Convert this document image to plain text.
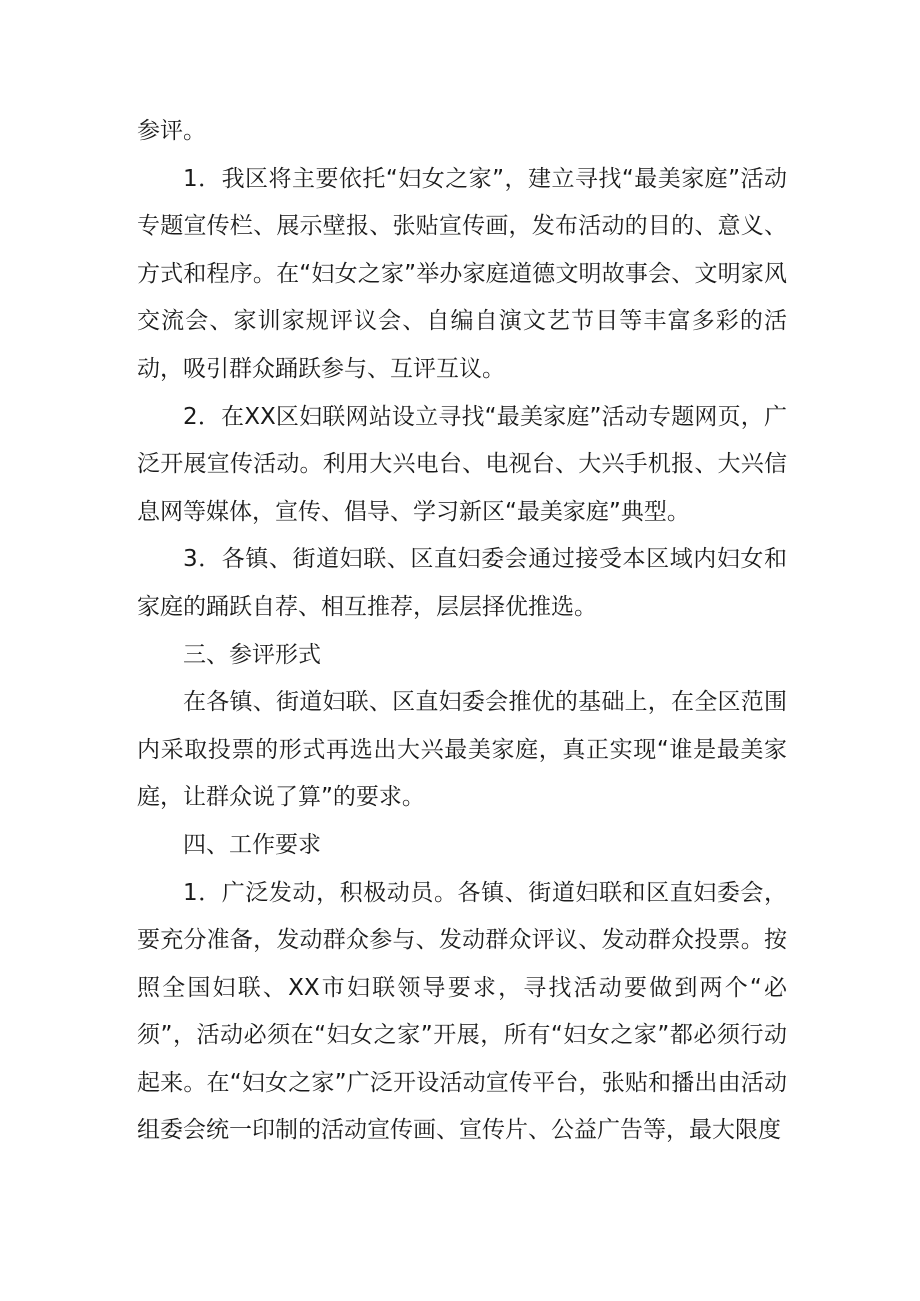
参评。

1．我区将主要依托“妇女之家”，建立寻找“最美家庭”活动专题宣传栏、展示壁报、张贴宣传画，发布活动的目的、意义、方式和程序。在“妇女之家”举办家庭道德文明故事会、文明家风交流会、家训家规评议会、自编自演文艺节目等丰富多彩的活动，吸引群众踊跃参与、互评互议。

2．在XX区妇联网站设立寻找“最美家庭”活动专题网页，广泛开展宣传活动。利用大兴电台、电视台、大兴手机报、大兴信息网等媒体，宣传、倡导、学习新区“最美家庭”典型。

3．各镇、街道妇联、区直妇委会通过接受本区域内妇女和家庭的踊跃自荐、相互推荐，层层择优推选。

三、参评形式

在各镇、街道妇联、区直妇委会推优的基础上，在全区范围内采取投票的形式再选出大兴最美家庭，真正实现“谁是最美家庭，让群众说了算”的要求。

四、工作要求

1．广泛发动，积极动员。各镇、街道妇联和区直妇委会，要充分准备，发动群众参与、发动群众评议、发动群众投票。按照全国妇联、XX市妇联领导要求，寻找活动要做到两个“必须”，活动必须在“妇女之家”开展，所有“妇女之家”都必须行动起来。在“妇女之家”广泛开设活动宣传平台，张贴和播出由活动组委会统一印制的活动宣传画、宣传片、公益广告等，最大限度
